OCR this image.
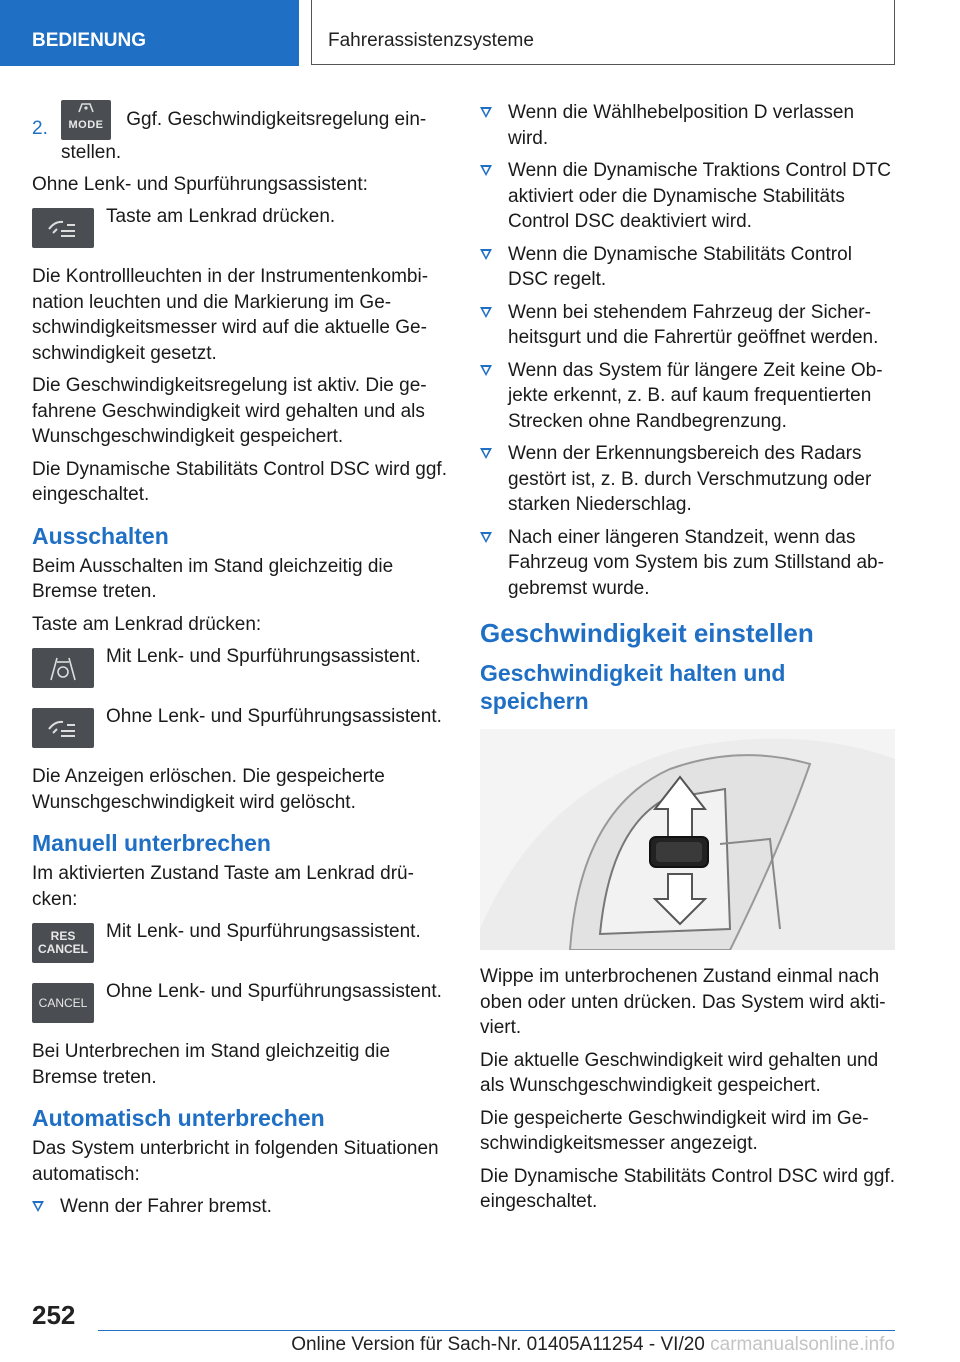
BEDIENUNG	Fahrerassistenzsysteme
2. MODE Ggf. Geschwindigkeitsregelung einstellen.

Ohne Lenk- und Spurführungsassistent:

Taste am Lenkrad drücken.

Die Kontrollleuchten in der Instrumentenkombination leuchten und die Markierung im Geschwindigkeitsmesser wird auf die aktuelle Geschwindigkeit gesetzt.

Die Geschwindigkeitsregelung ist aktiv. Die gefahrene Geschwindigkeit wird gehalten und als Wunschgeschwindigkeit gespeichert.

Die Dynamische Stabilitäts Control DSC wird ggf. eingeschaltet.

Ausschalten

Beim Ausschalten im Stand gleichzeitig die Bremse treten.

Taste am Lenkrad drücken:

Mit Lenk- und Spurführungsassistent.
Ohne Lenk- und Spurführungsassistent.

Die Anzeigen erlöschen. Die gespeicherte Wunschgeschwindigkeit wird gelöscht.

Manuell unterbrechen

Im aktivierten Zustand Taste am Lenkrad drücken:

RES
CANCEL
Mit Lenk- und Spurführungsassistent.
CANCEL
Ohne Lenk- und Spurführungsassistent.

Bei Unterbrechen im Stand gleichzeitig die Bremse treten.

Automatisch unterbrechen

Das System unterbricht in folgenden Situationen automatisch:

Wenn der Fahrer bremst.
Wenn die Wählhebelposition D verlassen wird.
Wenn die Dynamische Traktions Control DTC aktiviert oder die Dynamische Stabilitäts Control DSC deaktiviert wird.
Wenn die Dynamische Stabilitäts Control DSC regelt.
Wenn bei stehendem Fahrzeug der Sicherheitsgurt und die Fahrertür geöffnet werden.
Wenn das System für längere Zeit keine Objekte erkennt, z. B. auf kaum frequentierten Strecken ohne Randbegrenzung.
Wenn der Erkennungsbereich des Radars gestört ist, z. B. durch Verschmutzung oder starken Niederschlag.
Nach einer längeren Standzeit, wenn das Fahrzeug vom System bis zum Stillstand abgebremst wurde.
Geschwindigkeit einstellen
Geschwindigkeit halten und speichern

Wippe im unterbrochenen Zustand einmal nach oben oder unten drücken. Das System wird aktiviert.

Die aktuelle Geschwindigkeit wird gehalten und als Wunschgeschwindigkeit gespeichert.

Die gespeicherte Geschwindigkeit wird im Geschwindigkeitsmesser angezeigt.

Die Dynamische Stabilitäts Control DSC wird ggf. eingeschaltet.

252
Online Version für Sach-Nr. 01405A11254 - VI/20 carmanualsonline.info
